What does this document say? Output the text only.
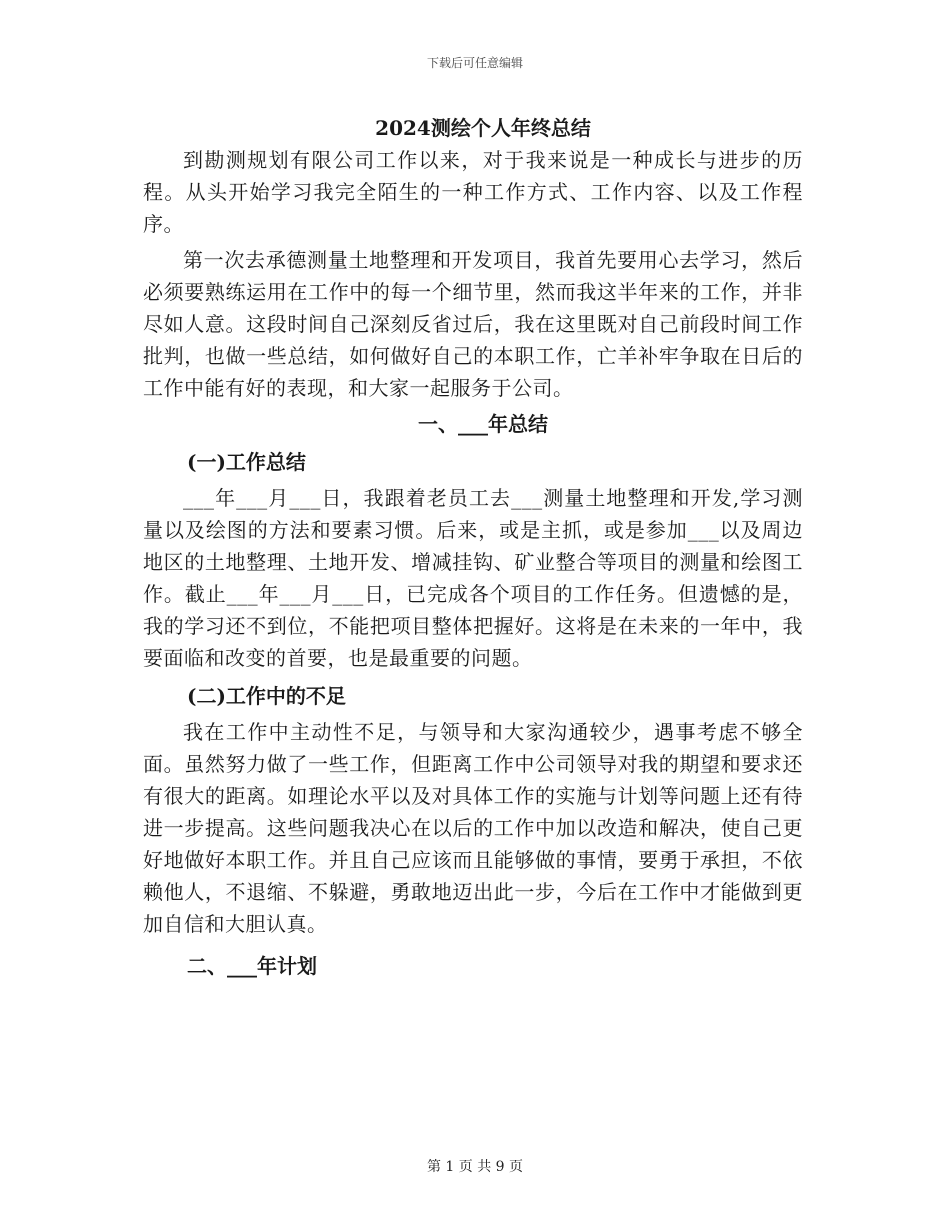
下载后可任意编辑
2024测绘个人年终总结

到勘测规划有限公司工作以来，对于我来说是一种成长与进步的历程。从头开始学习我完全陌生的一种工作方式、工作内容、以及工作程序。

第一次去承德测量土地整理和开发项目，我首先要用心去学习，然后必须要熟练运用在工作中的每一个细节里，然而我这半年来的工作，并非尽如人意。这段时间自己深刻反省过后，我在这里既对自己前段时间工作批判，也做一些总结，如何做好自己的本职工作，亡羊补牢争取在日后的工作中能有好的表现，和大家一起服务于公司。

一、___年总结
(一)工作总结

___年___月___日，我跟着老员工去___测量土地整理和开发,学习测量以及绘图的方法和要素习惯。后来，或是主抓，或是参加___以及周边地区的土地整理、土地开发、增减挂钩、矿业整合等项目的测量和绘图工作。截止___年___月___日，已完成各个项目的工作任务。但遗憾的是，我的学习还不到位，不能把项目整体把握好。这将是在未来的一年中，我要面临和改变的首要，也是最重要的问题。

(二)工作中的不足

我在工作中主动性不足，与领导和大家沟通较少，遇事考虑不够全面。虽然努力做了一些工作，但距离工作中公司领导对我的期望和要求还有很大的距离。如理论水平以及对具体工作的实施与计划等问题上还有待进一步提高。这些问题我决心在以后的工作中加以改造和解决，使自己更好地做好本职工作。并且自己应该而且能够做的事情，要勇于承担，不依赖他人，不退缩、不躲避，勇敢地迈出此一步，今后在工作中才能做到更加自信和大胆认真。

二、___年计划
第 1 页 共 9 页
